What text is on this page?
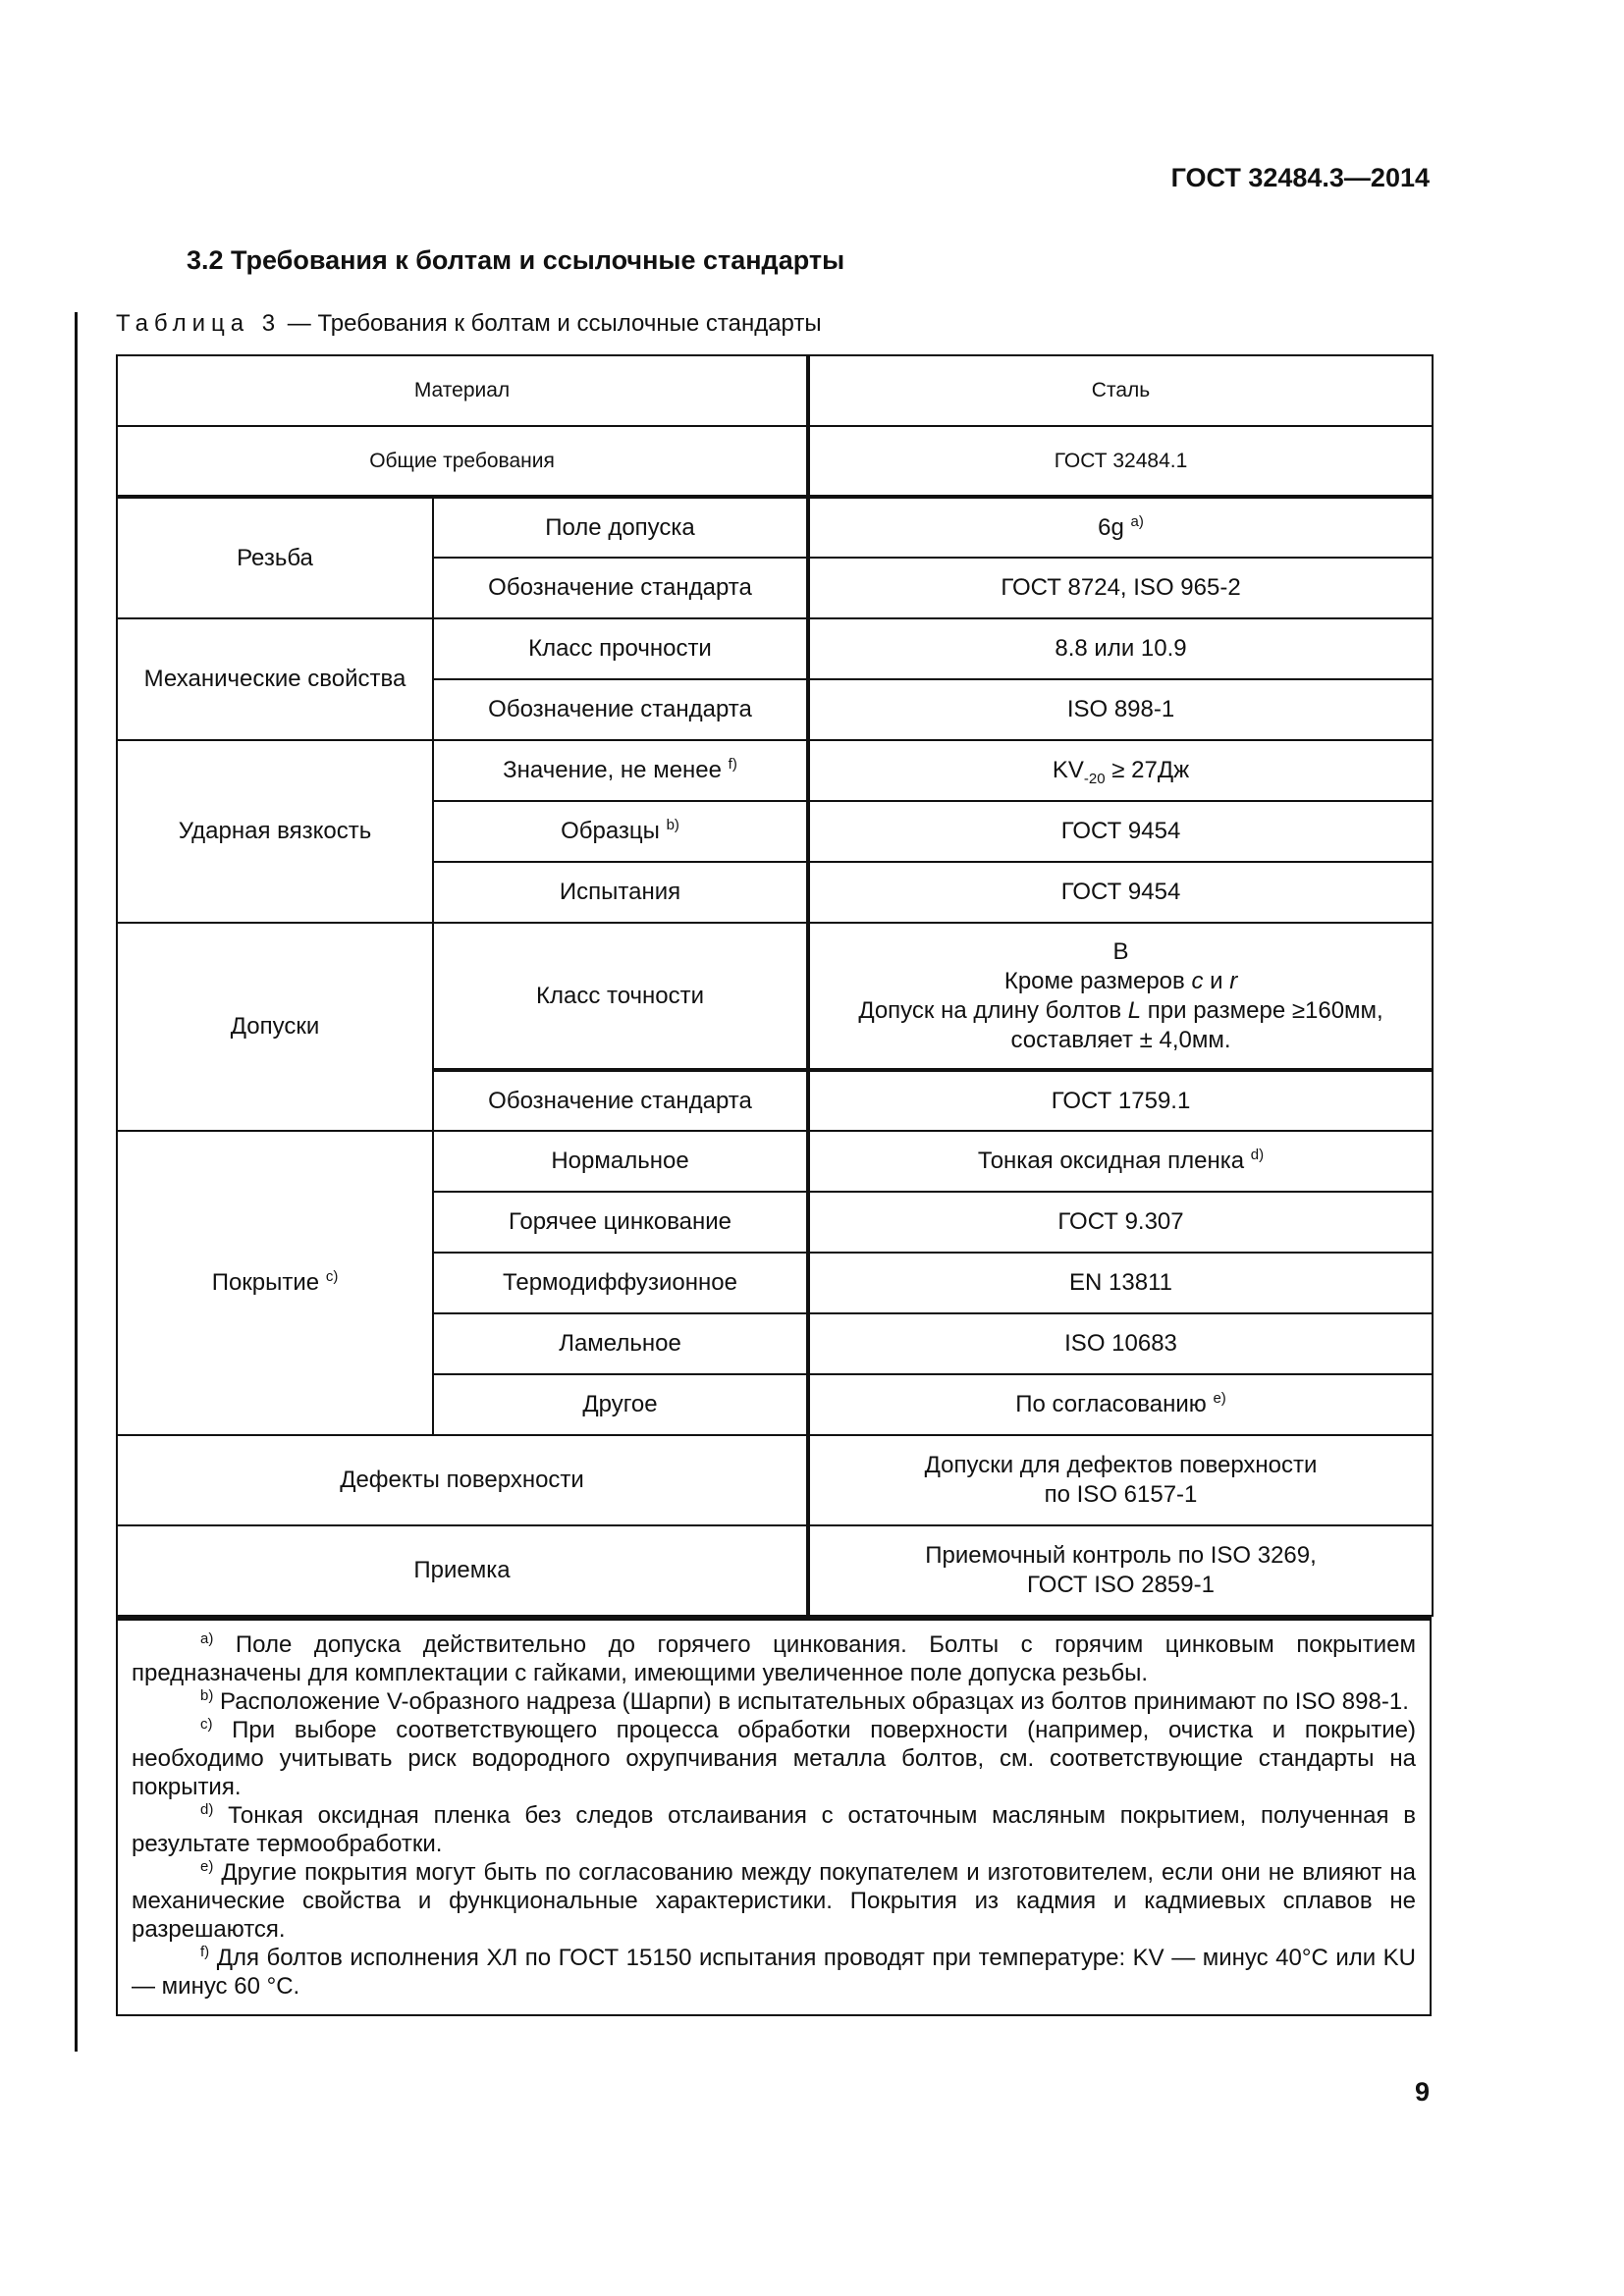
ГОСТ 32484.3—2014
3.2 Требования к болтам и ссылочные стандарты
Таблица 3 — Требования к болтам и ссылочные стандарты
Материал		Сталь
Общие требования		ГОСТ 32484.1
Резьба	Поле допуска	6g $^{a)}$
	Обозначение стандарта	ГОСТ 8724, ISO 965-2
Механические свойства	Класс прочности	8.8 или 10.9
	Обозначение стандарта	ISO 898-1
Ударная вязкость	Значение, не менее $^{f)}$	$KV_{-20} \ge 27Дж$
	Образцы $^{b)}$	ГОСТ 9454
	Испытания	ГОСТ 9454
Допуски	Класс точности	B
Кроме размеров c и r
Допуск на длину болтов L при размере ≥160мм,
составляет ± 4,0мм.

	Обозначение стандарта	ГОСТ 1759.1
Покрытие $^{c)}$	Нормальное	Тонкая оксидная пленка $^{d)}$
	Горячее цинкование	ГОСТ 9.307
	Термодиффузионное	EN 13811
	Ламельное	ISO 10683
	Другое	По согласованию $^{e)}$
Дефекты поверхности		Допуски для дефектов поверхности
по ISO 6157-1

Приемка		Приемочный контроль по ISO 3269,
ГОСТ ISO 2859-1

$^{a)}$ Поле допуска действительно до горячего цинкования. Болты с горячим цинковым покрытием предназначены для комплектации с гайками, имеющими увеличенное поле допуска резьбы.

$^{b)}$ Расположение V-образного надреза (Шарпи) в испытательных образцах из болтов принимают по ISO 898-1.

$^{c)}$ При выборе соответствующего процесса обработки поверхности (например, очистка и покрытие) необходимо учитывать риск водородного охрупчивания металла болтов, см. соответствующие стандарты на покрытия.

$^{d)}$ Тонкая оксидная пленка без следов отслаивания с остаточным масляным покрытием, полученная в результате термообработки.

$^{e)}$ Другие покрытия могут быть по согласованию между покупателем и изготовителем, если они не влияют на механические свойства и функциональные характеристики. Покрытия из кадмия и кадмиевых сплавов не разрешаются.

$^{f)}$ Для болтов исполнения ХЛ по ГОСТ 15150 испытания проводят при температуре: KV — минус 40°С или KU — минус 60 °С.

9
